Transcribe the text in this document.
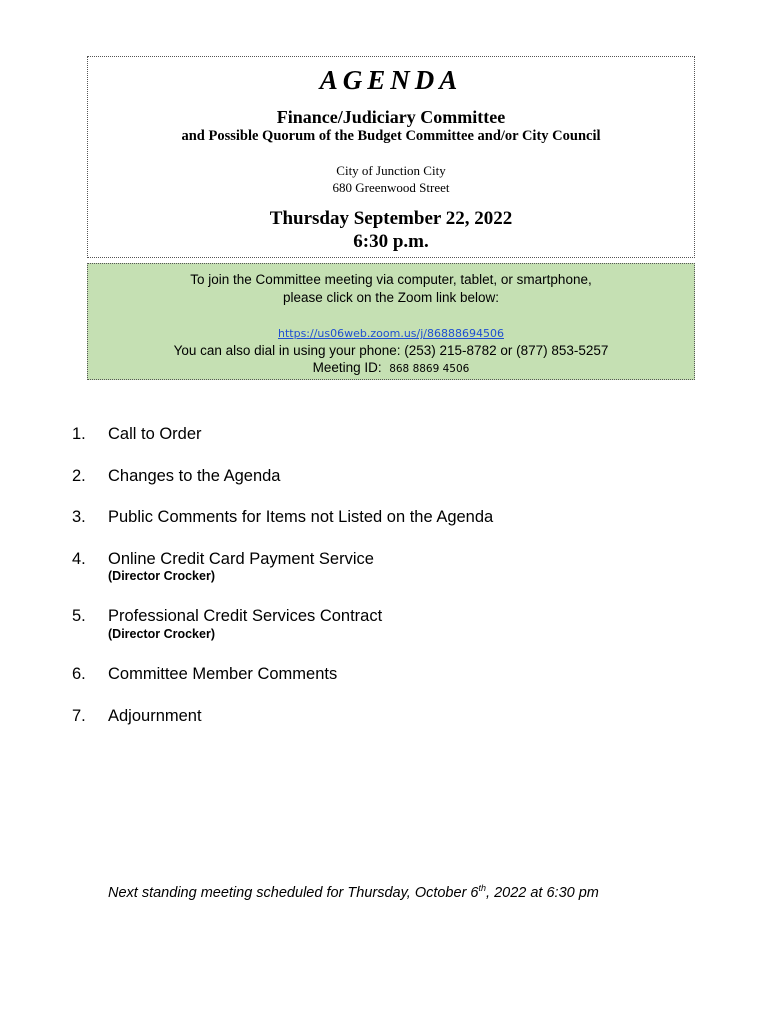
AGENDA
Finance/Judiciary Committee
and Possible Quorum of the Budget Committee and/or City Council
City of Junction City
680 Greenwood Street
Thursday September 22, 2022
6:30 p.m.
To join the Committee meeting via computer, tablet, or smartphone,
please click on the Zoom link below:
https://us06web.zoom.us/j/86888694506
You can also dial in using your phone: (253) 215-8782 or (877) 853-5257
Meeting ID: 868 8869 4506
1. Call to Order
2. Changes to the Agenda
3. Public Comments for Items not Listed on the Agenda
4. Online Credit Card Payment Service
(Director Crocker)
5. Professional Credit Services Contract
(Director Crocker)
6. Committee Member Comments
7. Adjournment
Next standing meeting scheduled for Thursday, October 6th, 2022 at 6:30 pm
